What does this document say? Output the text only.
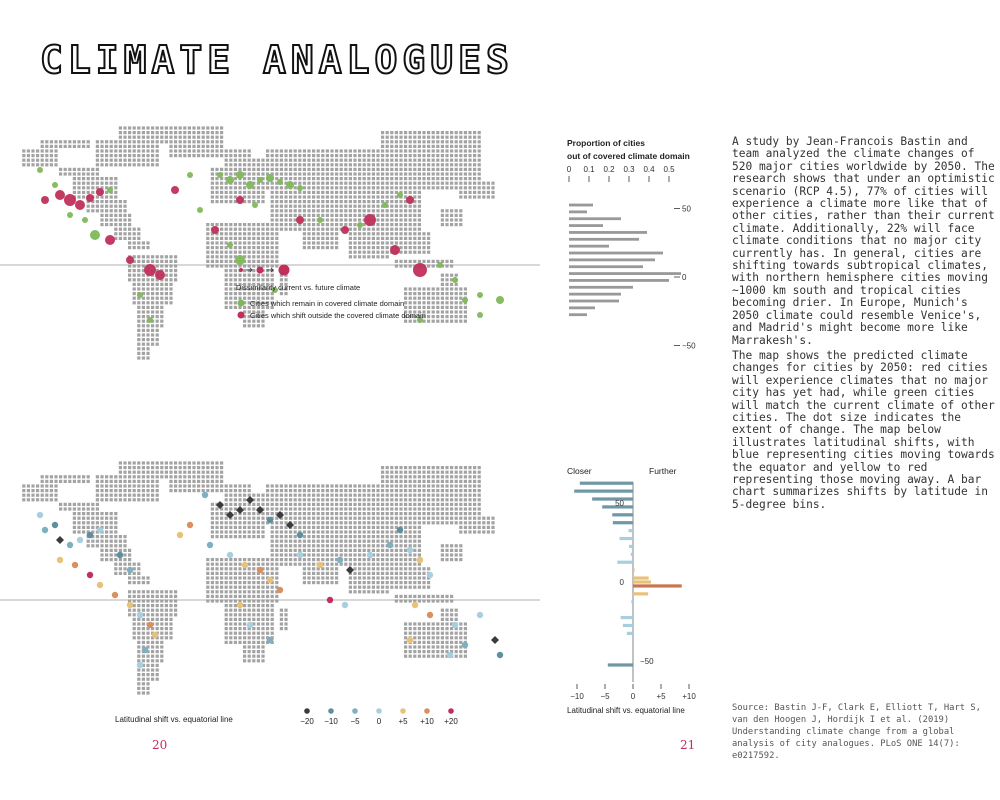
CLIMATE ANALOGUES
Proportion of cities out of covered climate domain
0 0.1 0.2 0.3 0.4 0.5
50
0
−50
Closer	Further
50
0
−50
−10 −5	0	+5 +10
Latitudinal shift vs. equatorial line
Dissimilarity current vs. future climate
Cities which remain in covered climate domain
Cities which shift outside the covered climate domain
Latitudinal shift vs. equatorial line	−20 −10 −5 0 +5 +10 +20
A study by Jean-Francois Bastin and team analyzed the climate changes of 520 major cities worldwide by 2050. The research shows that under an optimistic scenario (RCP 4.5), 77% of cities will experience a climate more like that of other cities, rather than their current climate. Additionally, 22% will face climate conditions that no major city currently has. In general, cities are shifting towards subtropical climates, with northern hemisphere cities moving ~1000 km south and tropical cities becoming drier. In Europe, Munich's 2050 climate could resemble Venice's, and Madrid's might become more like Marrakesh's.
The map shows the predicted climate changes for cities by 2050: red cities will experience climates that no major city has yet had, while green cities will match the current climate of other cities. The dot size indicates the extent of change. The map below illustrates latitudinal shifts, with blue representing cities moving towards the equator and yellow to red representing those moving away. A bar chart summarizes shifts by latitude in 5-degree bins.
Source: Bastin J-F, Clark E, Elliott T, Hart S, van den Hoogen J, Hordijk I et al. (2019) Understanding climate change from a global analysis of city analogues. PLoS ONE 14(7): e0217592.
20	21
